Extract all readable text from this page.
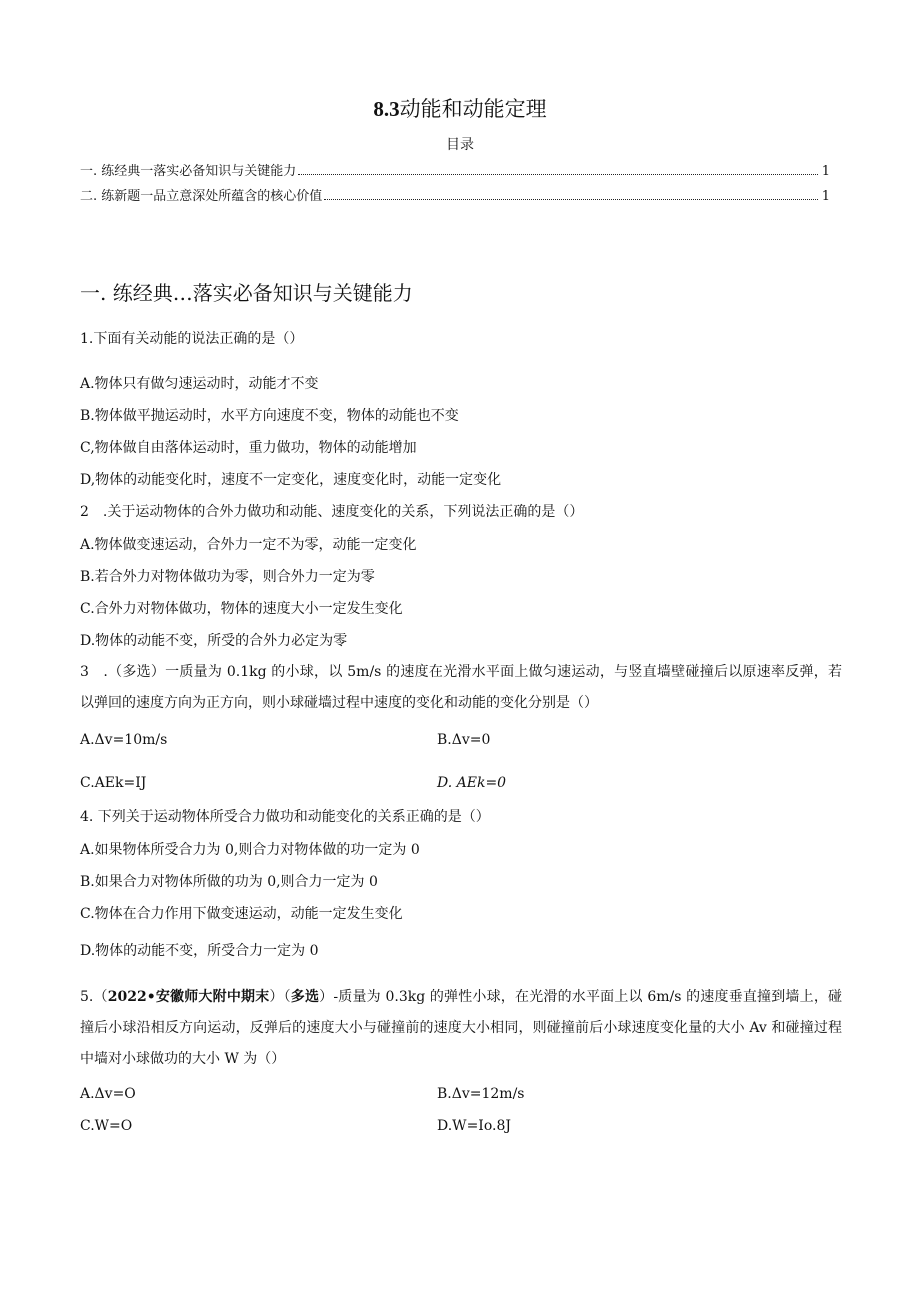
8.3动能和动能定理
目录
一. 练经典一落实必备知识与关键能力	1
二. 练新题一品立意深处所蕴含的核心价值	1
一. 练经典…落实必备知识与关键能力
1.下面有关动能的说法正确的是（）
A.物体只有做匀速运动时，动能才不变
B.物体做平抛运动时，水平方向速度不变，物体的动能也不变
C,物体做自由落体运动时，重力做功，物体的动能增加
D,物体的动能变化时，速度不一定变化，速度变化时，动能一定变化
2　.关于运动物体的合外力做功和动能、速度变化的关系，下列说法正确的是（）
A.物体做变速运动，合外力一定不为零，动能一定变化
B.若合外力对物体做功为零，则合外力一定为零
C.合外力对物体做功，物体的速度大小一定发生变化
D.物体的动能不变，所受的合外力必定为零
3　.（多选）一质量为 0.1kg 的小球，以 5m/s 的速度在光滑水平面上做匀速运动，与竖直墙壁碰撞后以原速率反弹，若以弹回的速度方向为正方向，则小球碰墙过程中速度的变化和动能的变化分别是（）
A.Δv=10m/s	B.Δv=0
C.AEk=IJ	D. AEk=0
4. 下列关于运动物体所受合力做功和动能变化的关系正确的是（）
A.如果物体所受合力为 0,则合力对物体做的功一定为 0
B.如果合力对物体所做的功为 0,则合力一定为 0
C.物体在合力作用下做变速运动，动能一定发生变化
D.物体的动能不变，所受合力一定为 0
5.（2022•安徽师大附中期末）（多选）-质量为 0.3kg 的弹性小球，在光滑的水平面上以 6m/s 的速度垂直撞到墙上，碰撞后小球沿相反方向运动，反弹后的速度大小与碰撞前的速度大小相同，则碰撞前后小球速度变化量的大小 Av 和碰撞过程中墙对小球做功的大小 W 为（）
A.Δv=O	B.Δv=12m/s
C.W=O	D.W=Io.8J
